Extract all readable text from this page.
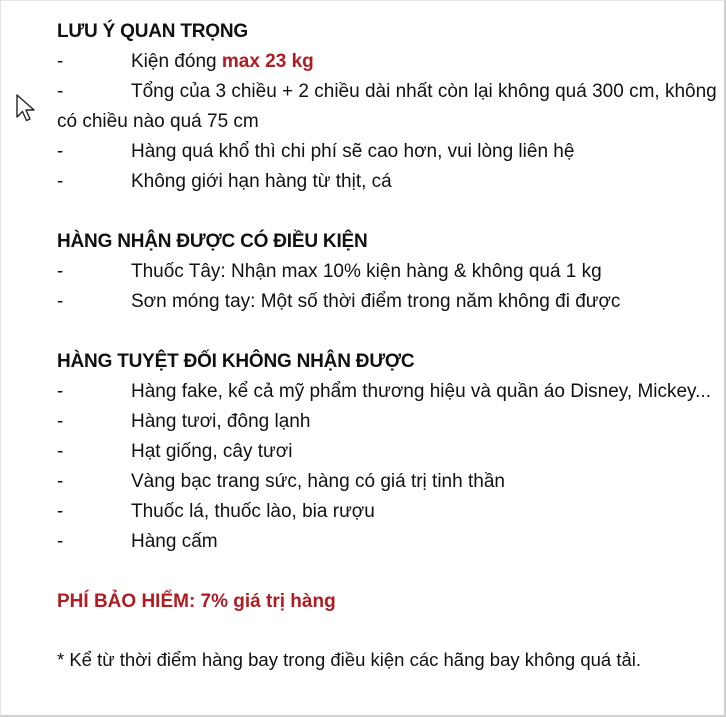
LƯU Ý QUAN TRỌNG
-	Kiện đóng max 23 kg
-	Tổng của 3 chiều + 2 chiều dài nhất còn lại không quá 300 cm, không có chiều nào quá 75 cm
-	Hàng quá khổ thì chi phí sẽ cao hơn, vui lòng liên hệ
-	Không giới hạn hàng từ thịt, cá
HÀNG NHẬN ĐƯỢC CÓ ĐIỀU KIỆN
-	Thuốc Tây: Nhận max 10% kiện hàng & không quá 1 kg
-	Sơn móng tay: Một số thời điểm trong năm không đi được
HÀNG TUYỆT ĐỐI KHÔNG NHẬN ĐƯỢC
-	Hàng fake, kể cả mỹ phẩm thương hiệu và quần áo Disney, Mickey...
-	Hàng tươi, đông lạnh
-	Hạt giống, cây tươi
-	Vàng bạc trang sức, hàng có giá trị tinh thần
-	Thuốc lá, thuốc lào, bia rượu
-	Hàng cấm
PHÍ BẢO HIỂM: 7% giá trị hàng
* Kể từ thời điểm hàng bay trong điều kiện các hãng bay không quá tải.
